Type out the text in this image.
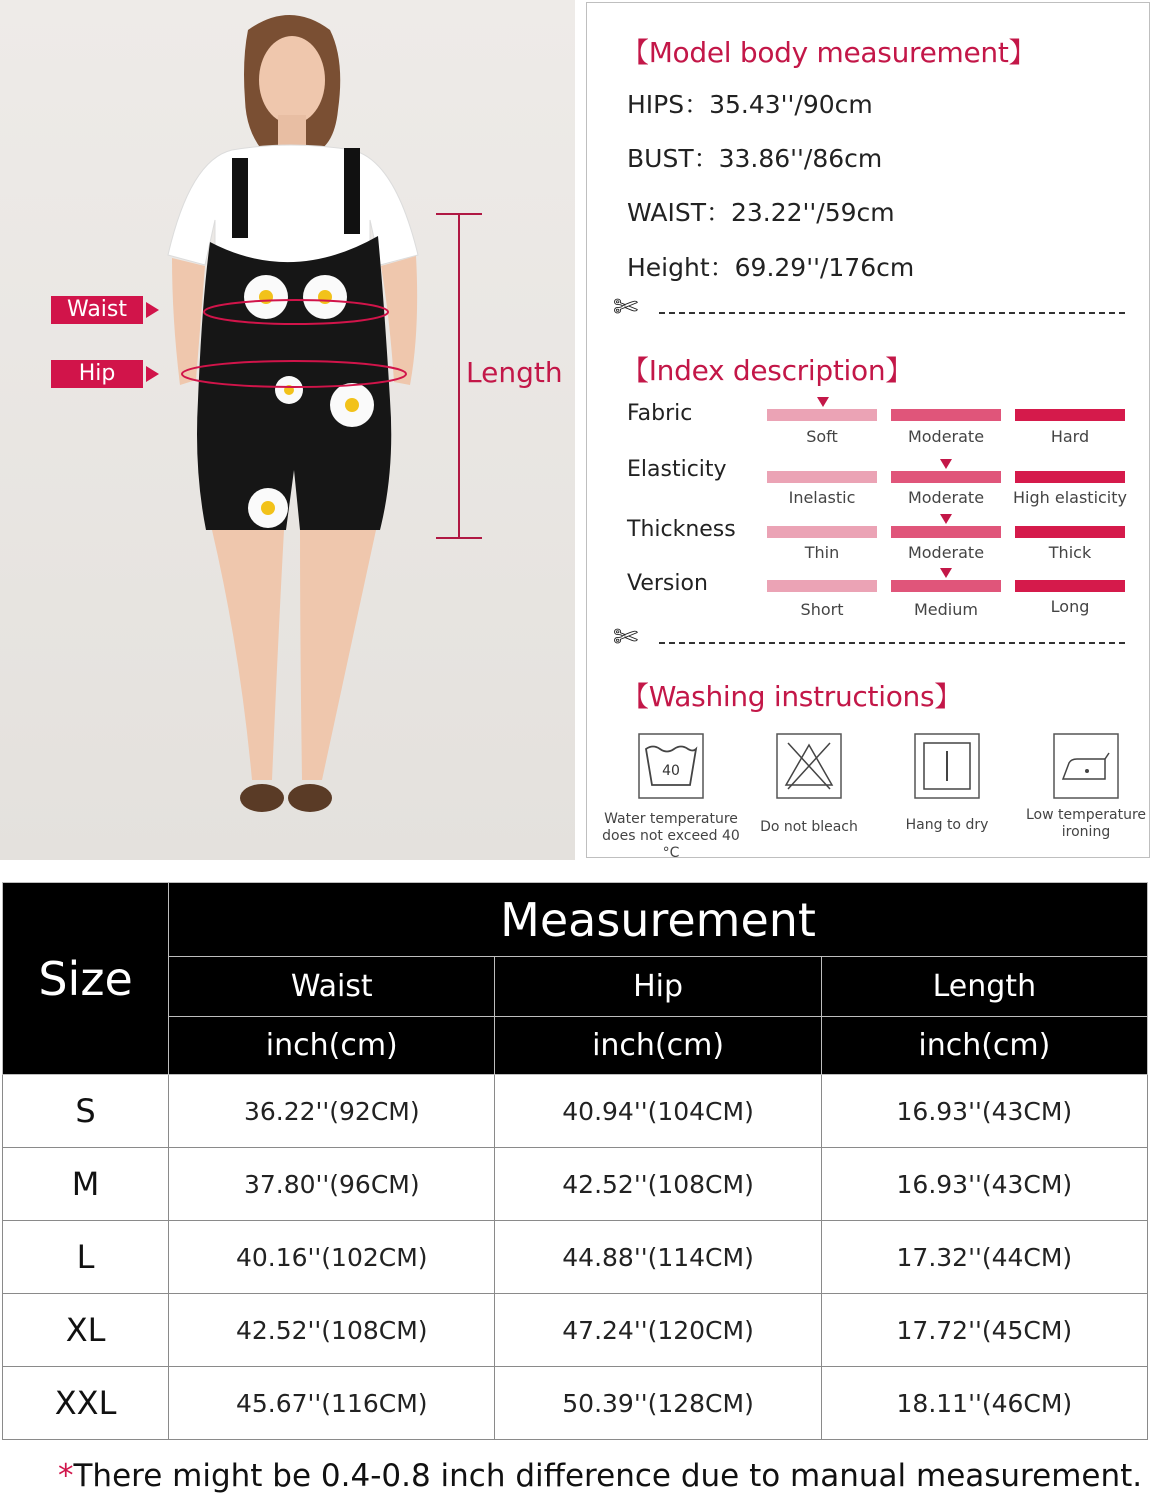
Waist
Hip	Length
【Model body measurement】
HIPS：35.43''/90cm
BUST：33.86''/86cm
WAIST：23.22''/59cm
Height：69.29''/176cm
✄
【Index description】
Fabric
Soft	Moderate	Hard
Elasticity
Inelastic	Moderate	High elasticity
Thickness
Thin	Moderate	Thick
Version
Short	Medium	Long
✄
【Washing instructions】
40
Water temperature does not exceed 40 °C
Do not bleach	Hang to dry
Low temperature ironing
Size	Measurement		
	Waist	Hip	Length
	inch(cm)	inch(cm)	inch(cm)
S	36.22''(92CM)	40.94''(104CM)	16.93''(43CM)
M	37.80''(96CM)	42.52''(108CM)	16.93''(43CM)
L	40.16''(102CM)	44.88''(114CM)	17.32''(44CM)
XL	42.52''(108CM)	47.24''(120CM)	17.72''(45CM)
XXL	45.67''(116CM)	50.39''(128CM)	18.11''(46CM)
*There might be 0.4-0.8 inch difference due to manual measurement.
